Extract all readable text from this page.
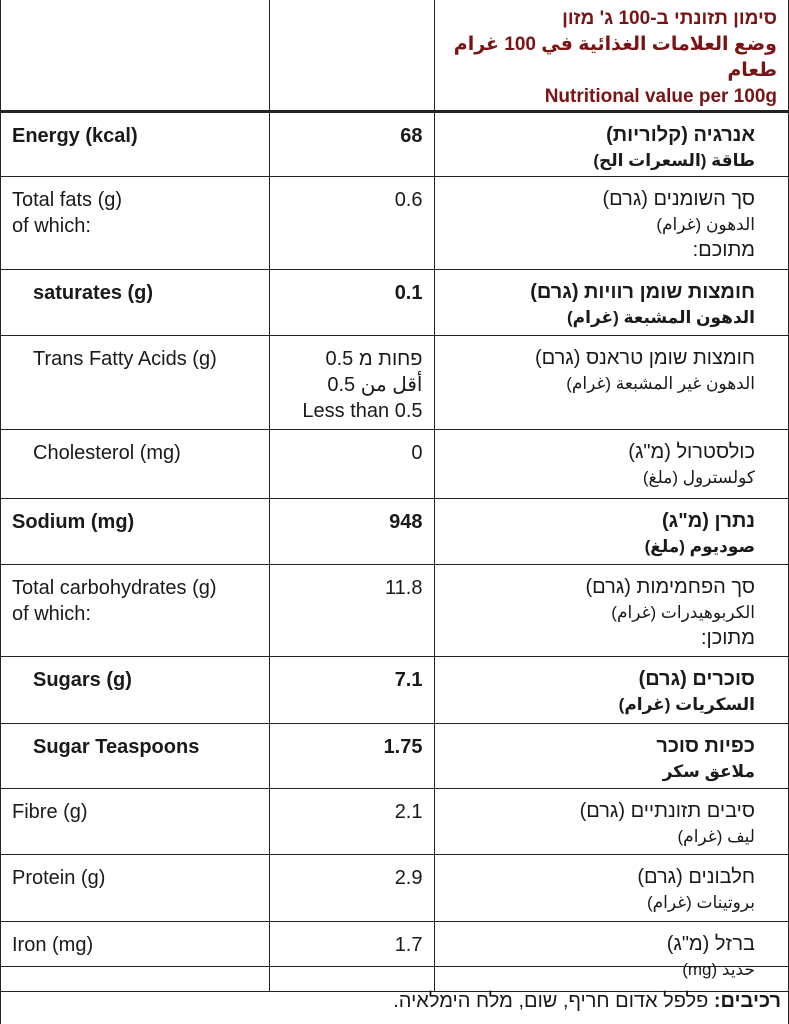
		סימון תזונתי ב-100 ג' מזון
وضع العلامات الغذائية في 100 غرام طعام
Nutritional value per 100g

Energy (kcal)	68	אנרגיה (קלוריות)
طاقة (السعرات الح)

Total fats (g)
of which:	0.6	סך השומנים (גרם)
الدهون (غرام)
מתוכם:
saturates (g)	0.1	חומצות שומן רוויות (גרם)
الدهون المشبعة (غرام)

Trans Fatty Acids (g)	פחות מ 0.5
أقل من 0.5
Less than 0.5	חומצות שומן טראנס (גרם)
الدهون غير المشبعة (غرام)

Cholesterol (mg)	0	כולסטרול (מ"ג)
كولسترول (ملغ)

Sodium (mg)	948	נתרן (מ"ג)
صوديوم (ملغ)

Total carbohydrates (g)
of which:	11.8	סך הפחמימות (גרם)
الكربوهيدرات (غرام)
מתוכן:
Sugars (g)	7.1	סוכרים (גרם)
السكريات (غرام)

Sugar Teaspoons	1.75	כפיות סוכר
ملاعق سكر

Fibre (g)	2.1	סיבים תזונתיים (גרם)
ليف (غرام)

Protein (g)	2.9	חלבונים (גרם)
بروتينات (غرام)

Iron (mg)	1.7	ברזל (מ"ג)
حديد (mg)
רכיבים: פלפל אדום חריף, שום, מלח הימלאיה.
